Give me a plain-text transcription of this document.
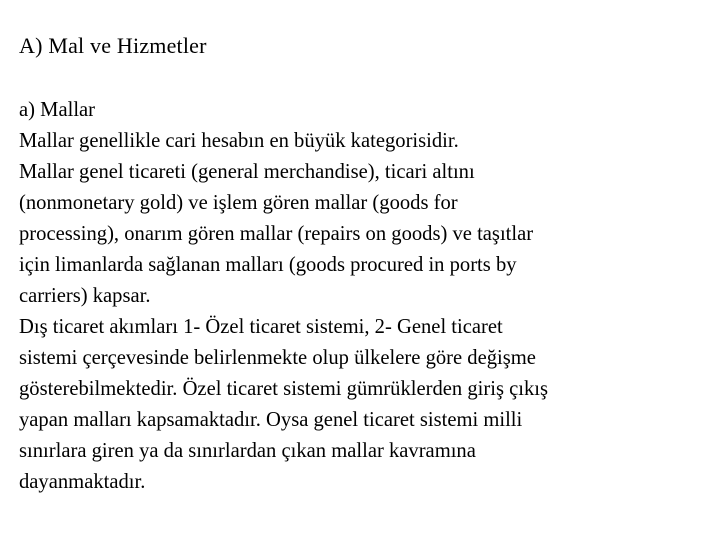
A) Mal ve Hizmetler
a) Mallar
Mallar genellikle cari hesabın en büyük kategorisidir.
Mallar genel ticareti (general merchandise), ticari altını
(nonmonetary gold) ve işlem gören mallar (goods for
processing), onarım gören mallar (repairs on goods) ve taşıtlar
için limanlarda sağlanan malları (goods procured in ports by
carriers) kapsar.
Dış ticaret akımları 1- Özel ticaret sistemi, 2- Genel ticaret
sistemi çerçevesinde belirlenmekte olup ülkelere göre değişme
gösterebilmektedir. Özel ticaret sistemi gümrüklerden giriş çıkış
yapan malları kapsamaktadır. Oysa genel ticaret sistemi milli
sınırlara giren ya da sınırlardan çıkan mallar kavramına
dayanmaktadır.
